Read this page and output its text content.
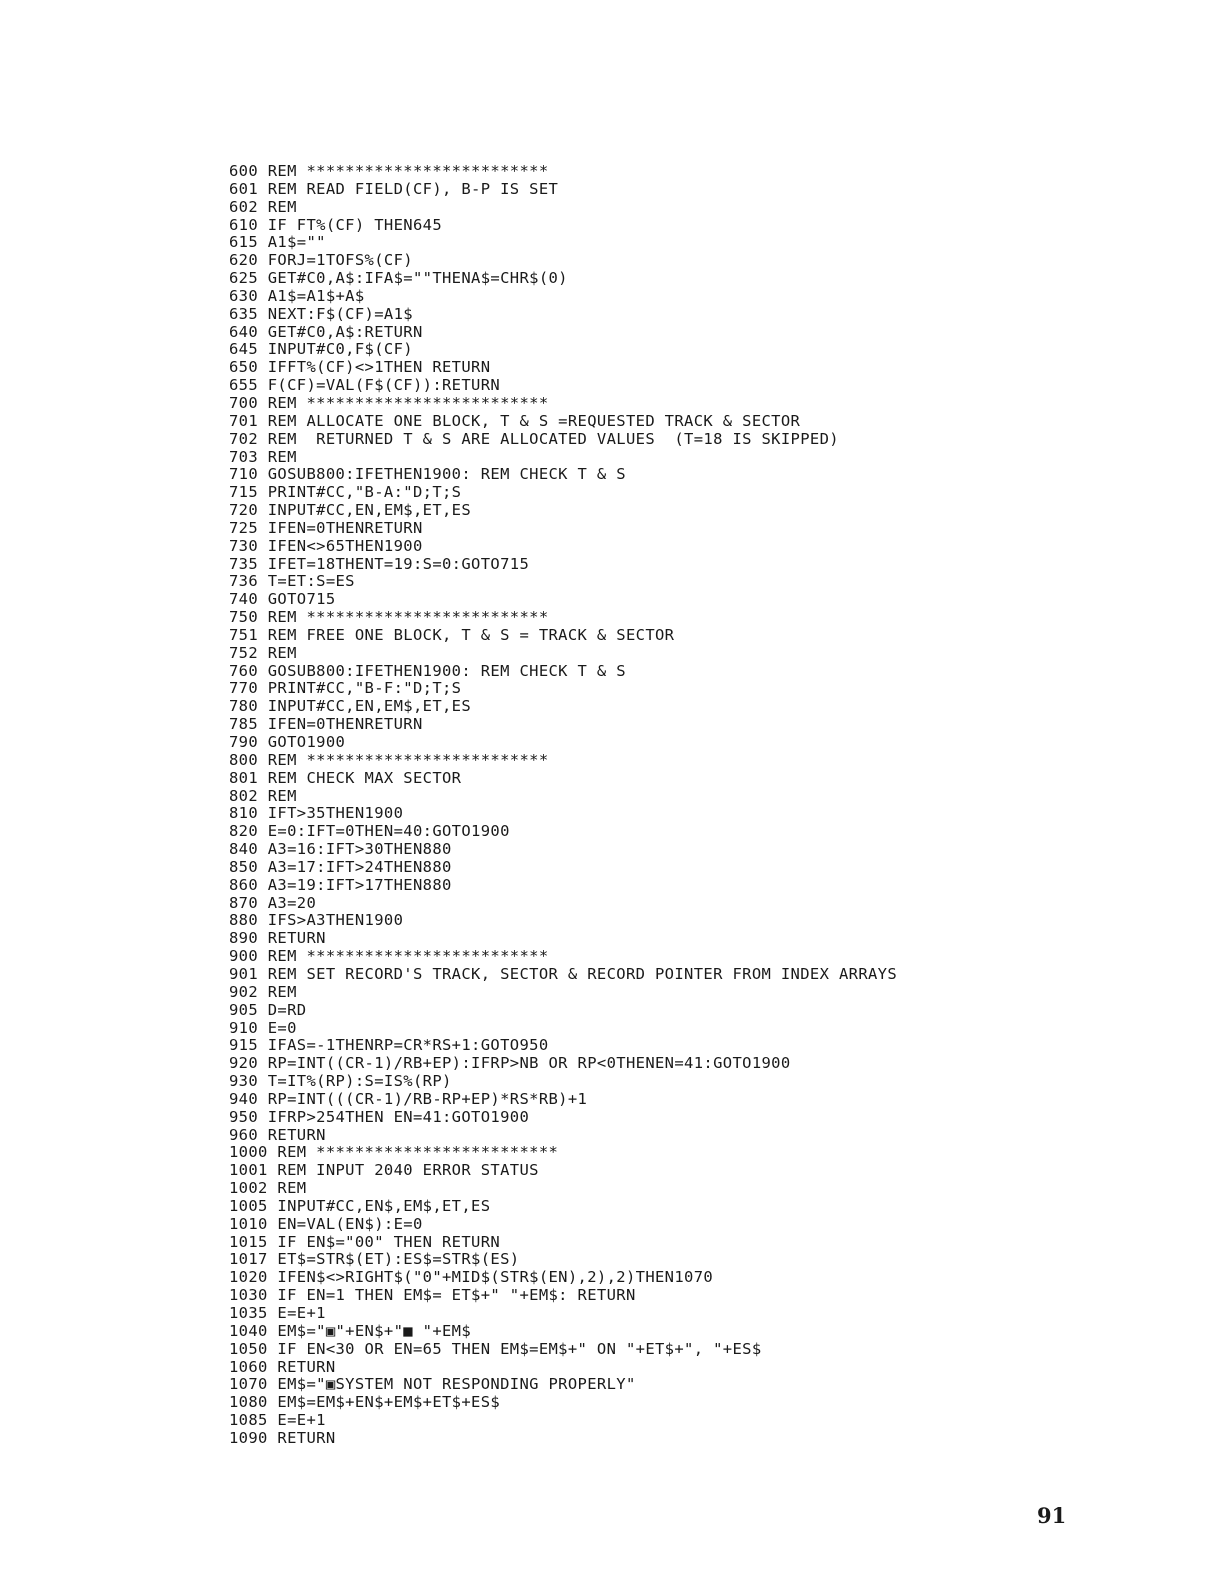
600 REM *************************
601 REM READ FIELD(CF), B-P IS SET
602 REM
610 IF FT%(CF) THEN645
615 A1$=""
620 FORJ=1TOFS%(CF)
625 GET#C0,A$:IFA$=""THENA$=CHR$(0)
630 A1$=A1$+A$
635 NEXT:F$(CF)=A1$
640 GET#C0,A$:RETURN
645 INPUT#C0,F$(CF)
650 IFFT%(CF)<>1THEN RETURN
655 F(CF)=VAL(F$(CF)):RETURN
700 REM *************************
701 REM ALLOCATE ONE BLOCK, T & S =REQUESTED TRACK & SECTOR
702 REM  RETURNED T & S ARE ALLOCATED VALUES  (T=18 IS SKIPPED)
703 REM
710 GOSUB800:IFETHEN1900: REM CHECK T & S
715 PRINT#CC,"B-A:"D;T;S
720 INPUT#CC,EN,EM$,ET,ES
725 IFEN=0THENRETURN
730 IFEN<>65THEN1900
735 IFET=18THENT=19:S=0:GOTO715
736 T=ET:S=ES
740 GOTO715
750 REM *************************
751 REM FREE ONE BLOCK, T & S = TRACK & SECTOR
752 REM
760 GOSUB800:IFETHEN1900: REM CHECK T & S
770 PRINT#CC,"B-F:"D;T;S
780 INPUT#CC,EN,EM$,ET,ES
785 IFEN=0THENRETURN
790 GOTO1900
800 REM *************************
801 REM CHECK MAX SECTOR
802 REM
810 IFT>35THEN1900
820 E=0:IFT=0THEN=40:GOTO1900
840 A3=16:IFT>30THEN880
850 A3=17:IFT>24THEN880
860 A3=19:IFT>17THEN880
870 A3=20
880 IFS>A3THEN1900
890 RETURN
900 REM *************************
901 REM SET RECORD'S TRACK, SECTOR & RECORD POINTER FROM INDEX ARRAYS
902 REM
905 D=RD
910 E=0
915 IFAS=-1THENRP=CR*RS+1:GOTO950
920 RP=INT((CR-1)/RB+EP):IFRP>NB OR RP<0THENEN=41:GOTO1900
930 T=IT%(RP):S=IS%(RP)
940 RP=INT(((CR-1)/RB-RP+EP)*RS*RB)+1
950 IFRP>254THEN EN=41:GOTO1900
960 RETURN
1000 REM *************************
1001 REM INPUT 2040 ERROR STATUS
1002 REM
1005 INPUT#CC,EN$,EM$,ET,ES
1010 EN=VAL(EN$):E=0
1015 IF EN$="00" THEN RETURN
1017 ET$=STR$(ET):ES$=STR$(ES)
1020 IFEN$<>RIGHT$("0"+MID$(STR$(EN),2),2)THEN1070
1030 IF EN=1 THEN EM$= ET$+" "+EM$: RETURN
1035 E=E+1
1040 EM$="▣"+EN$+"■ "+EM$
1050 IF EN<30 OR EN=65 THEN EM$=EM$+" ON "+ET$+", "+ES$
1060 RETURN
1070 EM$="▣SYSTEM NOT RESPONDING PROPERLY"
1080 EM$=EM$+EN$+EM$+ET$+ES$
1085 E=E+1
1090 RETURN
91
